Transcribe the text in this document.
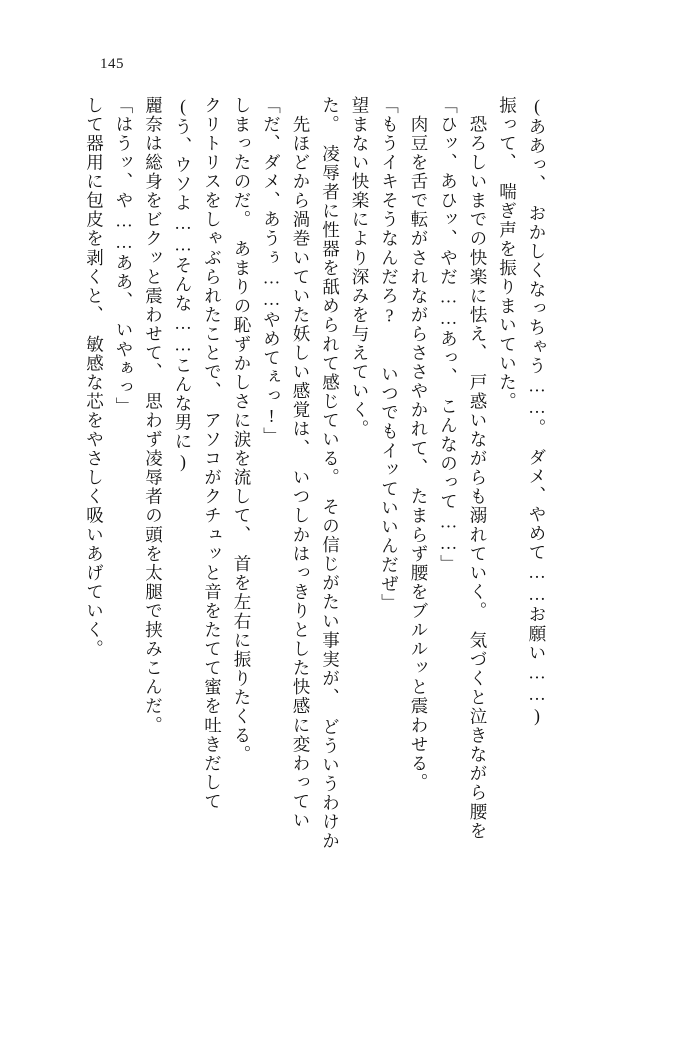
145
して器用に包皮を剥くと、　敏感な芯をやさしく吸いあげていく。 「はうッ、や……ああ、　いやぁっ」 麗奈は総身をビクッと震わせて、　思わず凌辱者の頭を太腿で挟みこんだ。 (う、ウソよ……そんな……こんな男に) クリトリスをしゃぶられたことで、　アソコがクチュッと音をたてて蜜を吐きだして しまったのだ。　あまりの恥ずかしさに涙を流して、　首を左右に振りたくる。 「だ、ダメ、あうぅ……やめてぇっ!」 　先ほどから渦巻いていた妖しい感覚は、　いつしかはっきりとした快感に変わってい た。　凌辱者に性器を舐められて感じている。　その信じがたい事実が、　どういうわけか 望まない快楽により深みを与えていく。 「もうイキそうなんだろ?　　いつでもイッていいんだぜ」 　肉豆を舌で転がされながらささやかれて、　たまらず腰をブルルッと震わせる。 「ひッ、あひッ、やだ……あっ、　こんなのって……」 　恐ろしいまでの快楽に怯え、　戸惑いながらも溺れていく。　気づくと泣きながら腰を 振って、　喘ぎ声を振りまいていた。 (ああっ、　おかしくなっちゃう……。　ダメ、やめて……お願い……)
